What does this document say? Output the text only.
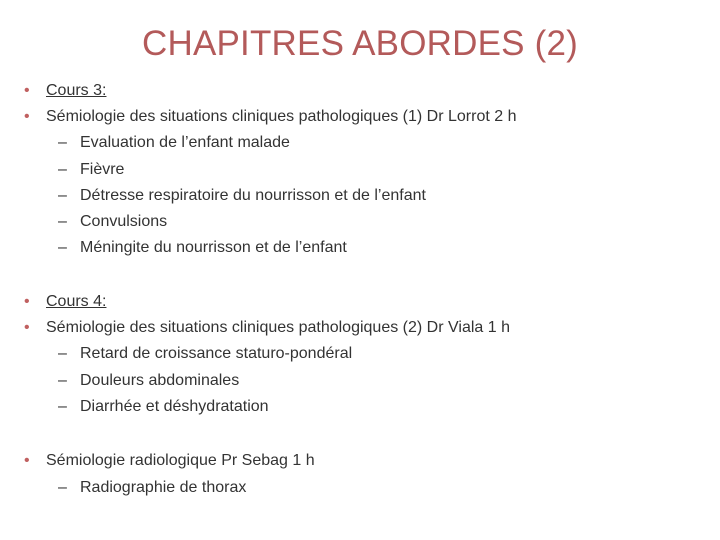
CHAPITRES ABORDES (2)
•	Cours 3:
•	Sémiologie des situations cliniques pathologiques (1) Dr Lorrot 2 h
– Evaluation de l’enfant malade
– Fièvre
– Détresse respiratoire du nourrisson et de l’enfant
– Convulsions
– Méningite du nourrisson et de l’enfant
•	Cours 4:
•	Sémiologie des situations cliniques pathologiques (2) Dr Viala 1 h
– Retard de croissance staturo-pondéral
– Douleurs abdominales
– Diarrhée et déshydratation
•	Sémiologie radiologique Pr Sebag 1 h
– Radiographie de thorax
